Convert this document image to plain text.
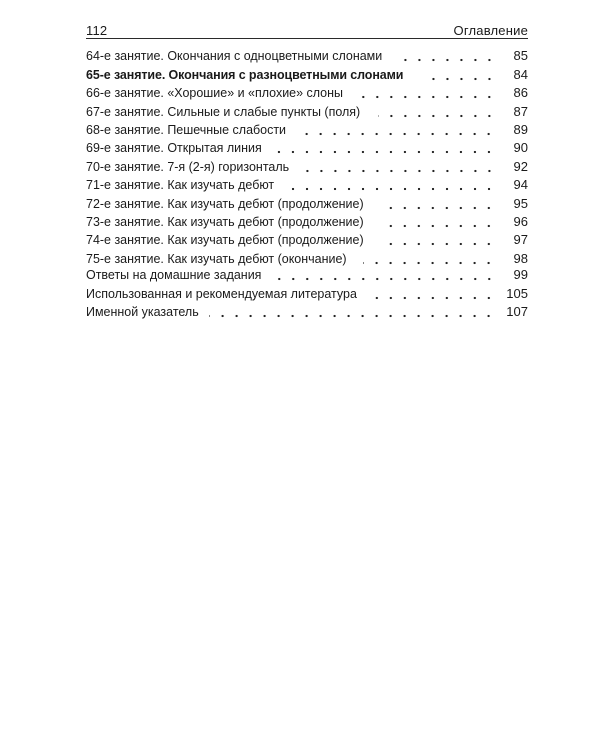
112	Оглавление
64-е занятие. Окончания с одноцветными слонами	85
65-е занятие. Окончания с разноцветными слонами	84
66-е занятие. «Хорошие» и «плохие» слоны	86
67-е занятие. Сильные и слабые пункты (поля)	87
68-е занятие. Пешечные слабости	89
69-е занятие. Открытая линия	90
70-е занятие. 7-я (2-я) горизонталь	92
71-е занятие. Как изучать дебют	94
72-е занятие. Как изучать дебют (продолжение)	95
73-е занятие. Как изучать дебют (продолжение)	96
74-е занятие. Как изучать дебют (продолжение)	97
75-е занятие. Как изучать дебют (окончание)	98
Ответы на домашние задания	99
Использованная и рекомендуемая литература	105
Именной указатель	107
